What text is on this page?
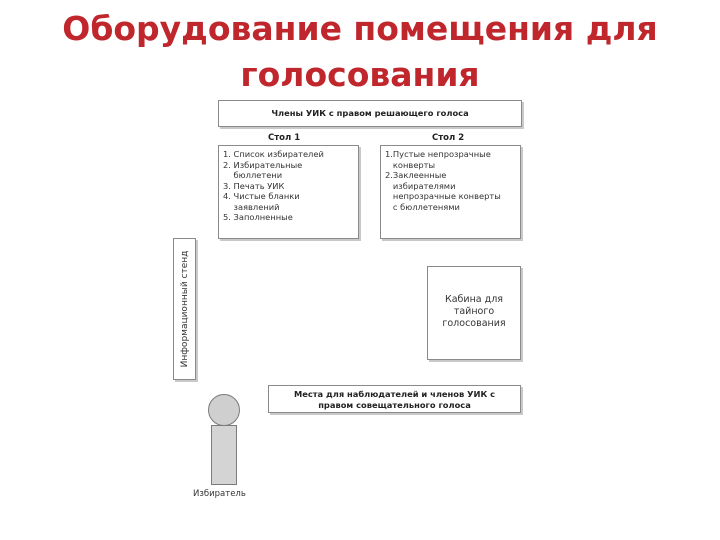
Оборудование помещения для
голосования
Члены УИК с правом решающего голоса
Стол 1	Стол 2
1. Список избирателей
2. Избирательные
бюллетени
3. Печать УИК
4. Чистые бланки
заявлений
5. Заполненные
1.Пустые непрозрачные
конверты
2.Заклеенные
избирателями
непрозрачные конверты
с бюллетенями
Информационный стенд	Кабина для
тайного
голосования
Места для наблюдателей и членов УИК с
правом совещательного голоса
Избиратель
